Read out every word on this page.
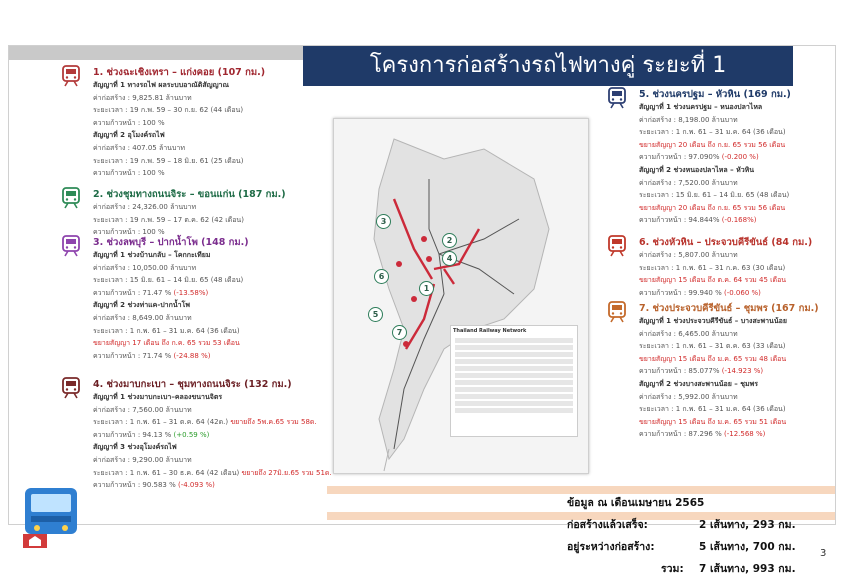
โครงการก่อสร้างรถไฟทางคู่ ระยะที่ 1
1. ช่วงฉะเชิงเทรา – แก่งคอย (107 กม.)
สัญญาที่ 1 ทางรถไฟ ผลระบบอาณัติสัญญาณ
ค่าก่อสร้าง : 9,825.81 ล้านบาท
ระยะเวลา : 19 ก.พ. 59 – 30 ก.ย. 62 (44 เดือน)
ความก้าวหน้า : 100 %
สัญญาที่ 2 อุโมงค์รถไฟ
ค่าก่อสร้าง : 407.05 ล้านบาท
ระยะเวลา : 19 ก.พ. 59 – 18 มิ.ย. 61 (25 เดือน)
ความก้าวหน้า : 100 %
2. ช่วงชุมทางถนนจิระ – ขอนแก่น (187 กม.)
ค่าก่อสร้าง : 24,326.00 ล้านบาท
ระยะเวลา : 19 ก.พ. 59 – 17 ต.ค. 62 (42 เดือน)
ความก้าวหน้า : 100 %
3. ช่วงลพบุรี – ปากน้ำโพ (148 กม.)
สัญญาที่ 1 ช่วงบ้านกลับ – โคกกะเทียม
ค่าก่อสร้าง : 10,050.00 ล้านบาท
ระยะเวลา : 15 มิ.ย. 61 – 14 มิ.ย. 65 (48 เดือน)
ความก้าวหน้า : 71.47 % (-13.58%)
สัญญาที่ 2 ช่วงท่าแค-ปากน้ำโพ
ค่าก่อสร้าง : 8,649.00 ล้านบาท
ระยะเวลา : 1 ก.พ. 61 – 31 ม.ค. 64 (36 เดือน)
ขยายสัญญา 17 เดือน ถึง ก.ค. 65 รวม 53 เดือน
ความก้าวหน้า : 71.74 % (-24.88 %)
4. ช่วงมาบกะเบา – ชุมทางถนนจิระ (132 กม.)
สัญญาที่ 1 ช่วงมาบกะเบา–คลองขนานจิตร
ค่าก่อสร้าง : 7,560.00 ล้านบาท
ระยะเวลา : 1 ก.พ. 61 – 31 ต.ค. 64 (42ด.) ขยายถึง 5พ.ค.65 รวม 58ด.
ความก้าวหน้า : 94.13 % (+0.59 %)
สัญญาที่ 3 ช่วงอุโมงค์รถไฟ
ค่าก่อสร้าง : 9,290.00 ล้านบาท
ระยะเวลา : 1 ก.พ. 61 – 30 ธ.ค. 64 (42 เดือน) ขยายถึง 27มิ.ย.65 รวม 51ด.
ความก้าวหน้า : 90.583 % (-4.093 %)
5. ช่วงนครปฐม – หัวหิน (169 กม.)
สัญญาที่ 1 ช่วงนครปฐม – หนองปลาไหล
ค่าก่อสร้าง : 8,198.00 ล้านบาท
ระยะเวลา : 1 ก.พ. 61 – 31 ม.ค. 64 (36 เดือน)
ขยายสัญญา 20 เดือน ถึง ก.ย. 65 รวม 56 เดือน
ความก้าวหน้า : 97.090% (-0.200 %)
สัญญาที่ 2 ช่วงหนองปลาไหล – หัวหิน
ค่าก่อสร้าง : 7,520.00 ล้านบาท
ระยะเวลา : 15 มิ.ย. 61 – 14 มิ.ย. 65 (48 เดือน)
ขยายสัญญา 20 เดือน ถึง ก.ย. 65 รวม 56 เดือน
ความก้าวหน้า : 94.844% (-0.168%)
6. ช่วงหัวหิน – ประจวบคีรีขันธ์ (84 กม.)
ค่าก่อสร้าง : 5,807.00 ล้านบาท
ระยะเวลา : 1 ก.พ. 61 – 31 ก.ค. 63 (30 เดือน)
ขยายสัญญา 15 เดือน ถึง ต.ค. 64 รวม 45 เดือน
ความก้าวหน้า : 99.940 % (-0.060 %)
7. ช่วงประจวบคีรีขันธ์ – ชุมพร (167 กม.)
สัญญาที่ 1 ช่วงประจวบคีรีขันธ์ – บางสะพานน้อย
ค่าก่อสร้าง : 6,465.00 ล้านบาท
ระยะเวลา : 1 ก.พ. 61 – 31 ต.ค. 63 (33 เดือน)
ขยายสัญญา 15 เดือน ถึง ม.ค. 65 รวม 48 เดือน
ความก้าวหน้า : 85.077% (-14.923 %)
สัญญาที่ 2 ช่วงบางสะพานน้อย – ชุมพร
ค่าก่อสร้าง : 5,992.00 ล้านบาท
ระยะเวลา : 1 ก.พ. 61 – 31 ม.ค. 64 (36 เดือน)
ขยายสัญญา 15 เดือน ถึง ม.ค. 65 รวม 51 เดือน
ความก้าวหน้า : 87.296 % (-12.568 %)
3
2
4
6
1
5
7	Thailand Railway Network
ข้อมูล ณ เดือนเมษายน 2565
ก่อสร้างแล้วเสร็จ:	2 เส้นทาง, 293 กม.
อยู่ระหว่างก่อสร้าง:	5 เส้นทาง, 700 กม.
รวม: 7 เส้นทาง, 993 กม.
3
